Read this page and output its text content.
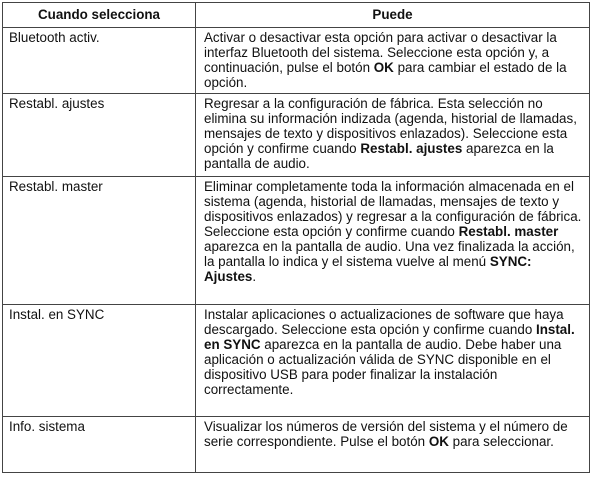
Cuando selecciona	Puede
Bluetooth activ.	Activar o desactivar esta opción para activar o desactivar la interfaz Bluetooth del sistema. Seleccione esta opción y, a continuación, pulse el botón OK para cambiar el estado de la opción.
Restabl. ajustes	Regresar a la configuración de fábrica. Esta selección no elimina su información indizada (agenda, historial de llamadas, mensajes de texto y dispositivos enlazados). Seleccione esta opción y confirme cuando Restabl. ajustes aparezca en la pantalla de audio.
Restabl. master	Eliminar completamente toda la información almacenada en el sistema (agenda, historial de llamadas, mensajes de texto y dispositivos enlazados) y regresar a la configuración de fábrica. Seleccione esta opción y confirme cuando Restabl. master aparezca en la pantalla de audio. Una vez finalizada la acción, la pantalla lo indica y el sistema vuelve al menú SYNC: Ajustes.
Instal. en SYNC	Instalar aplicaciones o actualizaciones de software que haya descargado. Seleccione esta opción y confirme cuando Instal. en SYNC aparezca en la pantalla de audio. Debe haber una aplicación o actualización válida de SYNC disponible en el dispositivo USB para poder finalizar la instalación correctamente.
Info. sistema	Visualizar los números de versión del sistema y el número de serie correspondiente. Pulse el botón OK para seleccionar.
